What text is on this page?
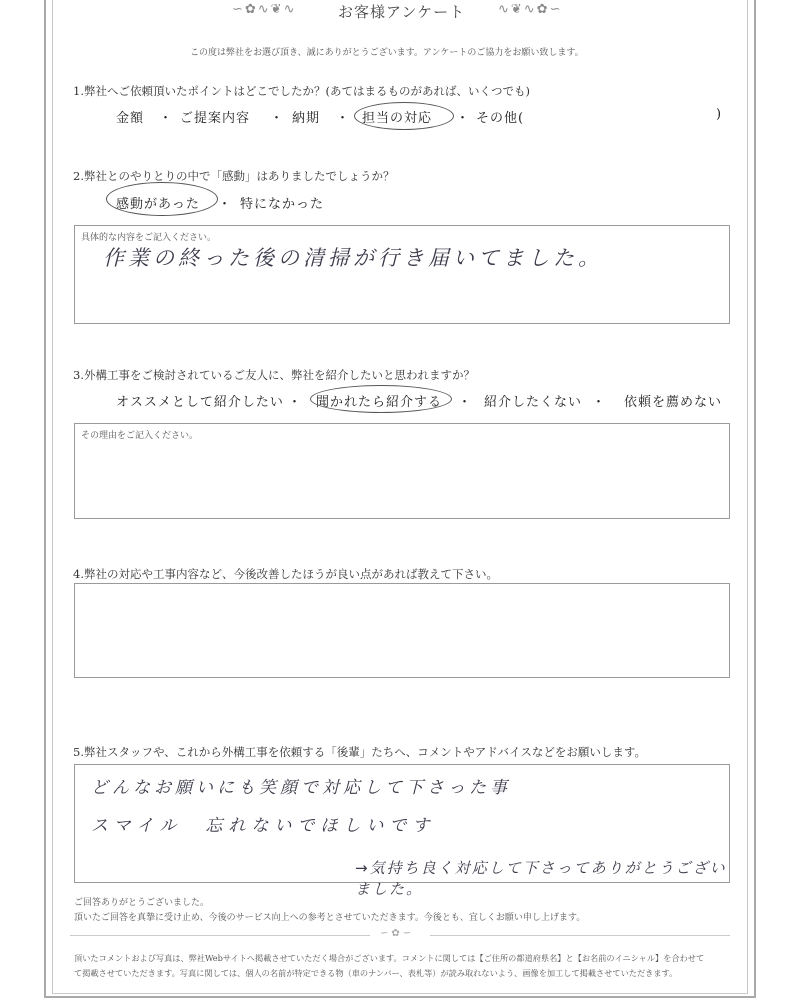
∽✿∿❦∿	お客様アンケート	∿❦∿✿∽
この度は弊社をお選び頂き、誠にありがとうございます。アンケートのご協力をお願い致します。
1.弊社へご依頼頂いたポイントはどこでしたか？(あてはまるものがあれば、いくつでも)
金額 ・ ご提案内容 ・ 納期 ・ 担当の対応 ・ その他(	)
2.弊社とのやりとりの中で「感動」はありましたでしょうか？
感動があった ・ 特になかった
具体的な内容をご記入ください。
作業の終った後の清掃が行き届いてました。
3.外構工事をご検討されているご友人に、弊社を紹介したいと思われますか？
オススメとして紹介したい ・ 聞かれたら紹介する ・ 紹介したくない ・ 依頼を薦めない
その理由をご記入ください。
4.弊社の対応や工事内容など、今後改善したほうが良い点があれば教えて下さい。
5.弊社スタッフや、これから外構工事を依頼する「後輩」たちへ、コメントやアドバイスなどをお願いします。
どんなお願いにも笑顔で対応して下さった事
スマイル　忘れないでほしいです
→気持ち良く対応して下さってありがとうございました。
ご回答ありがとうございました。
頂いたご回答を真摯に受け止め、今後のサービス向上への参考とさせていただきます。今後とも、宜しくお願い申し上げます。
∽✿∽
頂いたコメントおよび写真は、弊社Webサイトへ掲載させていただく場合がございます。コメントに関しては【ご住所の都道府県名】と【お名前のイニシャル】を合わせて
て掲載させていただきます。写真に関しては、個人の名前が特定できる物（車のナンバー、表札等）が読み取れないよう、画像を加工して掲載させていただきます。
